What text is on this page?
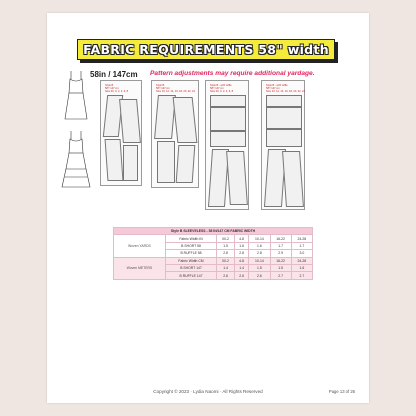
FABRIC REQUIREMENTS 58" width
58in / 147cm Pattern adjustments may require additional yardage.
Style B
58"/ 147 cm
Size 00, 0, 2, 4, 6, 8
Style B
58"/ 147 cm
Size 10, 12, 14, 16, 18, 20, 22, 24
Style B - with ruffle
58"/ 147 cm
Size 00, 0, 2, 4, 6, 8
Style B - with ruffle
58"/ 147 cm
Size 10, 12, 14, 16, 18, 20, 22, 24
Style B SLEEVELESS - 58 IN/147 CM FABRIC WIDTH						
Woven YARDS	Fabric Width IN	00-2	4-8	10-14	16-22	24-28
	B SHORT 58	1.5	1.6	1.6	1.7	1.7
	B RUFFLE 58	2.8	2.8	2.8	2.9	3.0
Woven METERS	Fabric Width CM	00-2	4-8	10-14	16-22	24-28
	B SHORT 147	1.4	1.4	1.5	1.5	1.6
	B RUFFLE 147	2.6	2.6	2.6	2.7	2.7
Copyright © 2023 · Lydia Naomi · All Rights Reserved	Page 13 of 26
